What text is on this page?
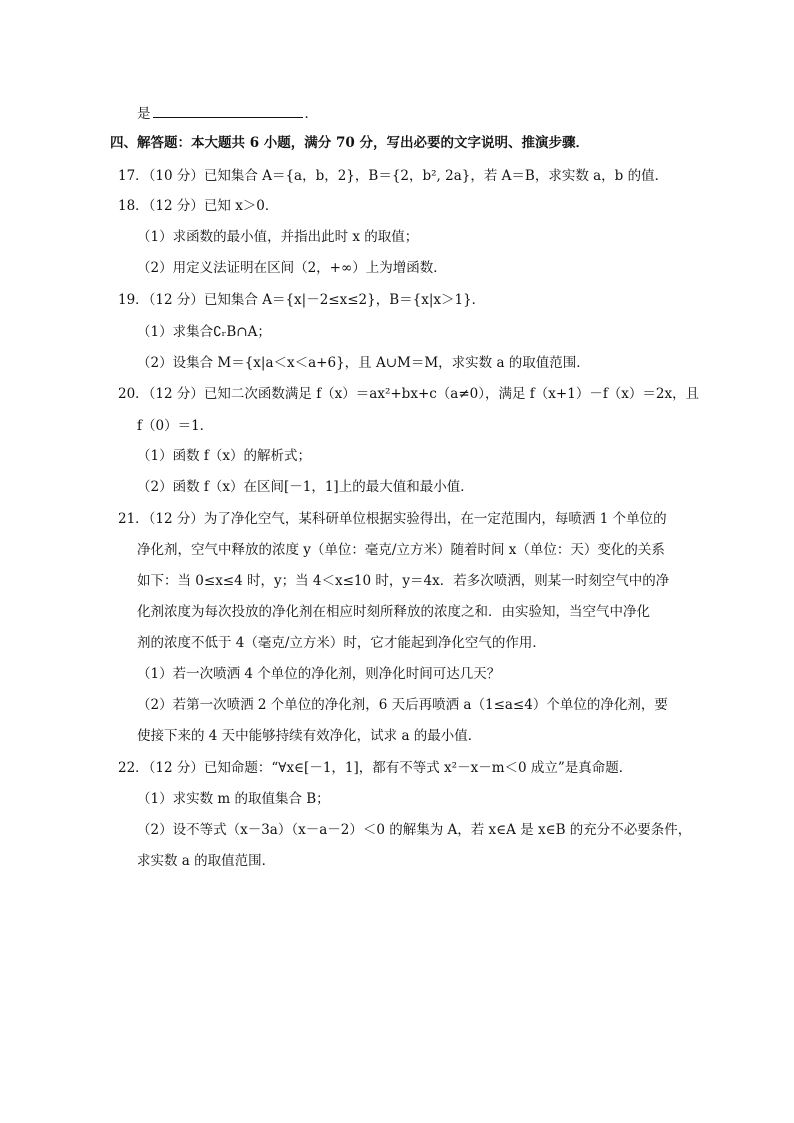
是	．
四、解答题：本大题共 6 小题，满分 70 分，写出必要的文字说明、推演步骤．
17．（10 分）已知集合 A＝{a，b，2}，B＝{2，b², 2a}，若 A＝B，求实数 a，b 的值．
18．（12 分）已知 x＞0．
（1）求函数的最小值，并指出此时 x 的取值；
（2）用定义法证明在区间（2，+∞）上为增函数．
19．（12 分）已知集合 A＝{x|－2≤x≤2}，B＝{x|x＞1}．
（1）求集合∁ᵣB∩A；
（2）设集合 M＝{x|a＜x＜a+6}，且 A∪M＝M，求实数 a 的取值范围．
20．（12 分）已知二次函数满足 f（x）＝ax²+bx+c（a≠0），满足 f（x+1）－f（x）＝2x，且
f（0）＝1．
（1）函数 f（x）的解析式；
（2）函数 f（x）在区间[－1，1]上的最大值和最小值．
21．（12 分）为了净化空气，某科研单位根据实验得出，在一定范围内，每喷洒 1 个单位的
净化剂，空气中释放的浓度 y（单位：毫克/立方米）随着时间 x（单位：天）变化的关系
如下：当 0≤x≤4 时，y；当 4＜x≤10 时，y＝4x．若多次喷洒，则某一时刻空气中的净
化剂浓度为每次投放的净化剂在相应时刻所释放的浓度之和．由实验知，当空气中净化
剂的浓度不低于 4（毫克/立方米）时，它才能起到净化空气的作用．
（1）若一次喷洒 4 个单位的净化剂，则净化时间可达几天？
（2）若第一次喷洒 2 个单位的净化剂，6 天后再喷洒 a（1≤a≤4）个单位的净化剂，要
使接下来的 4 天中能够持续有效净化，试求 a 的最小值．
22．（12 分）已知命题：“∀x∈[－1，1]，都有不等式 x²－x－m＜0 成立”是真命题．
（1）求实数 m 的取值集合 B；
（2）设不等式（x－3a）（x－a－2）＜0 的解集为 A，若 x∈A 是 x∈B 的充分不必要条件，
求实数 a 的取值范围．
